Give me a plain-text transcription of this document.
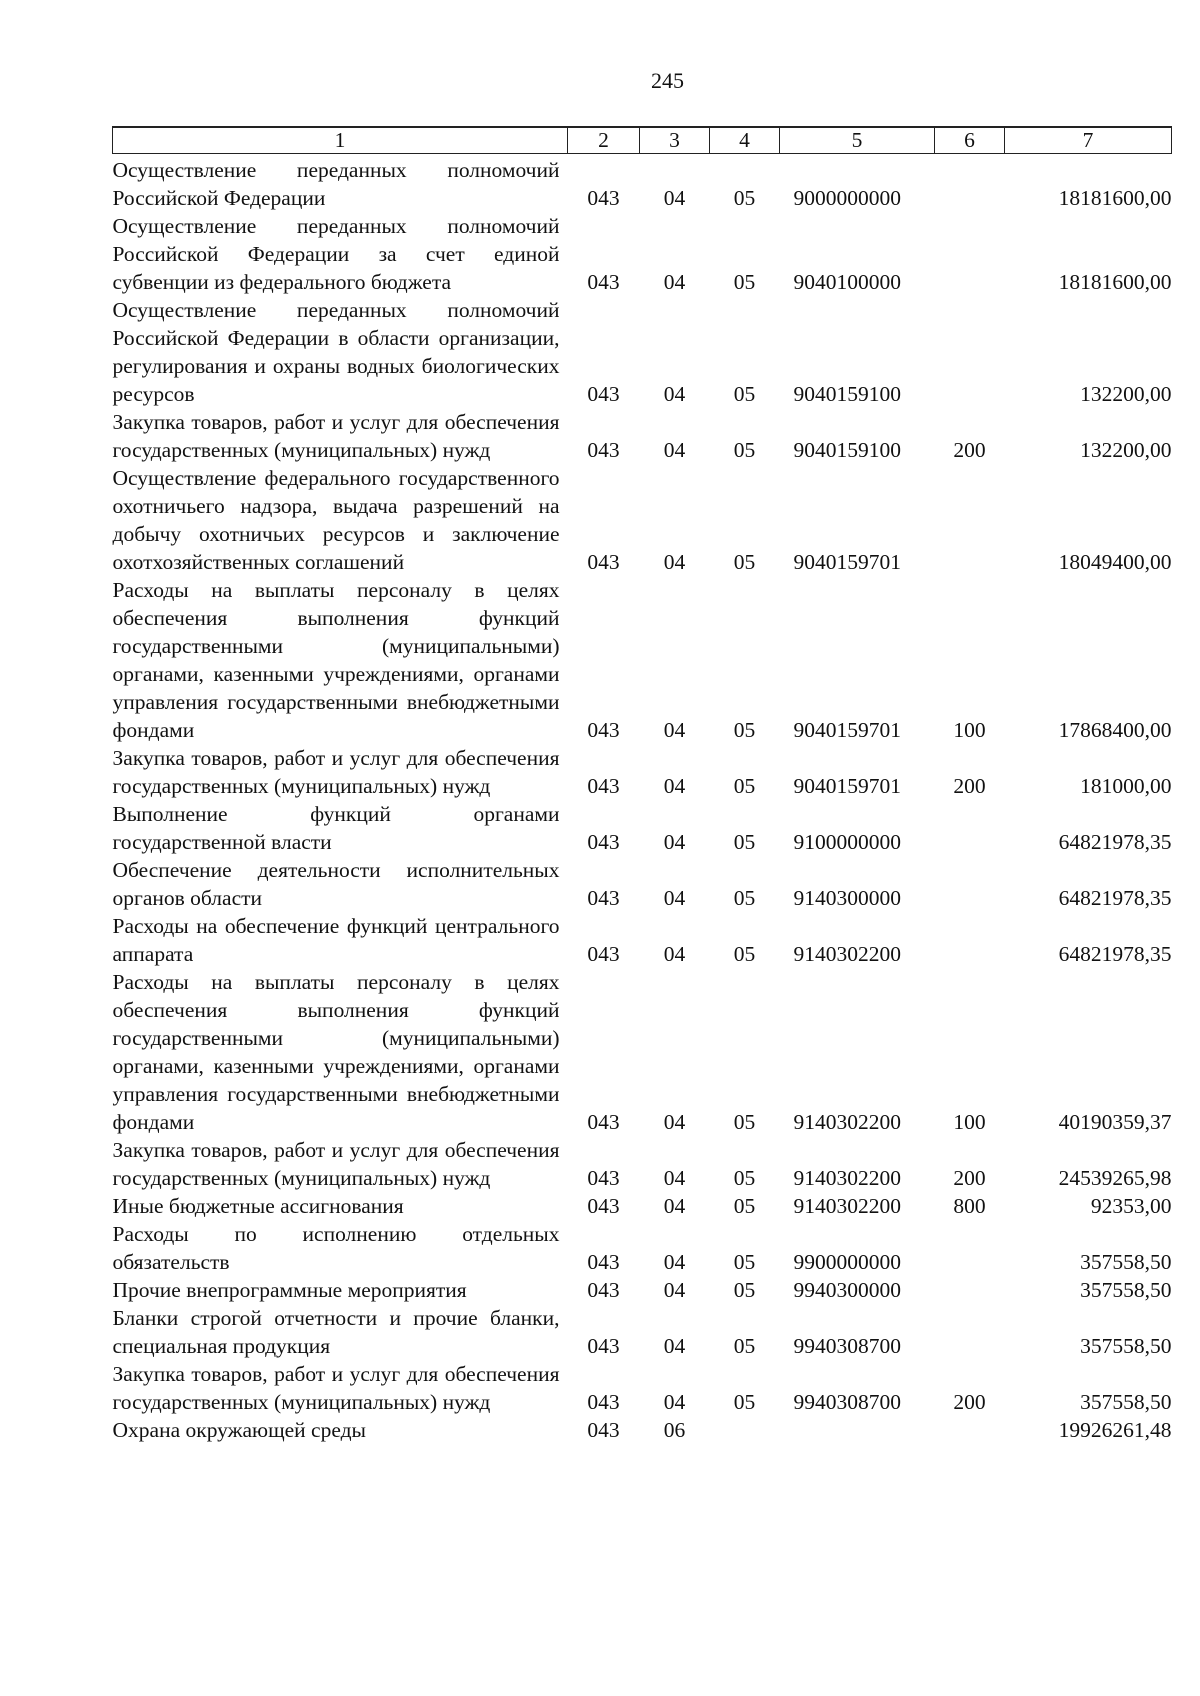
245
1	2	3	4	5	6	7

Осуществление переданных полномочий Российской Федерации	043	04	05	9000000000		18181600,00
Осуществление переданных полномочий Российской Федерации за счет единой субвенции из федерального бюджета	043	04	05	9040100000		18181600,00
Осуществление переданных полномочий Российской Федерации в области организации, регулирования и охраны водных биологических ресурсов	043	04	05	9040159100		132200,00
Закупка товаров, работ и услуг для обеспечения государственных (муниципальных) нужд	043	04	05	9040159100	200	132200,00
Осуществление федерального государственного охотничьего надзора, выдача разрешений на добычу охотничьих ресурсов и заключение охотхозяйственных соглашений	043	04	05	9040159701		18049400,00
Расходы на выплаты персоналу в целях обеспечения выполнения функций государственными (муниципальными) органами, казенными учреждениями, органами управления государственными внебюджетными фондами	043	04	05	9040159701	100	17868400,00
Закупка товаров, работ и услуг для обеспечения государственных (муниципальных) нужд	043	04	05	9040159701	200	181000,00
Выполнение функций органами государственной власти	043	04	05	9100000000		64821978,35
Обеспечение деятельности исполнительных органов области	043	04	05	9140300000		64821978,35
Расходы на обеспечение функций центрального аппарата	043	04	05	9140302200		64821978,35
Расходы на выплаты персоналу в целях обеспечения выполнения функций государственными (муниципальными) органами, казенными учреждениями, органами управления государственными внебюджетными фондами	043	04	05	9140302200	100	40190359,37
Закупка товаров, работ и услуг для обеспечения государственных (муниципальных) нужд	043	04	05	9140302200	200	24539265,98
Иные бюджетные ассигнования	043	04	05	9140302200	800	92353,00
Расходы по исполнению отдельных обязательств	043	04	05	9900000000		357558,50
Прочие внепрограммные мероприятия	043	04	05	9940300000		357558,50
Бланки строгой отчетности и прочие бланки, специальная продукция	043	04	05	9940308700		357558,50
Закупка товаров, работ и услуг для обеспечения государственных (муниципальных) нужд	043	04	05	9940308700	200	357558,50
Охрана окружающей среды	043	06				19926261,48
